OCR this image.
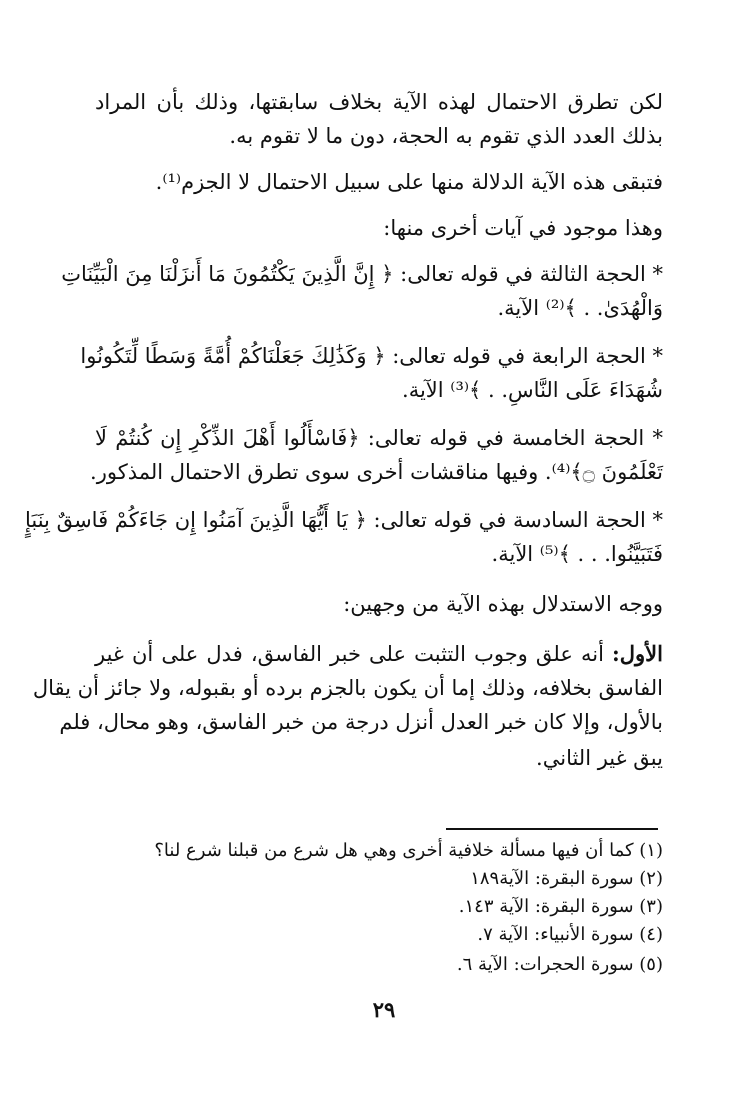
لكن تطرق الاحتمال لهذه الآية بخلاف سابقتها، وذلك بأن المراد
بذلك العدد الذي تقوم به الحجة، دون ما لا تقوم به.
فتبقى هذه الآية الدلالة منها على سبيل الاحتمال لا الجزم⁽¹⁾.
وهذا موجود في آيات أخرى منها:
* الحجة الثالثة في قوله تعالى: ﴿ إِنَّ الَّذِينَ يَكْتُمُونَ مَا أَنزَلْنَا مِنَ الْبَيِّنَاتِ
وَالْهُدَىٰ. . ﴾⁽²⁾ الآية.
* الحجة الرابعة في قوله تعالى: ﴿ وَكَذَٰلِكَ جَعَلْنَاكُمْ أُمَّةً وَسَطًا لِّتَكُونُوا
شُهَدَاءَ عَلَى النَّاسِ. . ﴾⁽³⁾ الآية.
* الحجة الخامسة في قوله تعالى: ﴿فَاسْأَلُوا أَهْلَ الذِّكْرِ إِن كُنتُمْ لَا
تَعْلَمُونَ ۝﴾⁽⁴⁾. وفيها مناقشات أخرى سوى تطرق الاحتمال المذكور.
* الحجة السادسة في قوله تعالى: ﴿ يَا أَيُّهَا الَّذِينَ آمَنُوا إِن جَاءَكُمْ فَاسِقٌ بِنَبَإٍ
فَتَبَيَّنُوا. . . ﴾⁽⁵⁾ الآية.
ووجه الاستدلال بهذه الآية من وجهين:
الأول: أنه علق وجوب التثبت على خبر الفاسق، فدل على أن غير
الفاسق بخلافه، وذلك إما أن يكون بالجزم برده أو بقبوله، ولا جائز أن يقال
بالأول، وإلا كان خبر العدل أنزل درجة من خبر الفاسق، وهو محال، فلم
يبق غير الثاني.
(١) كما أن فيها مسألة خلافية أخرى وهي هل شرع من قبلنا شرع لنا؟
(٢) سورة البقرة: الآية١٨٩
(٣) سورة البقرة: الآية ١٤٣.
(٤) سورة الأنبياء: الآية ٧.
(٥) سورة الحجرات: الآية ٦.
٢٩
